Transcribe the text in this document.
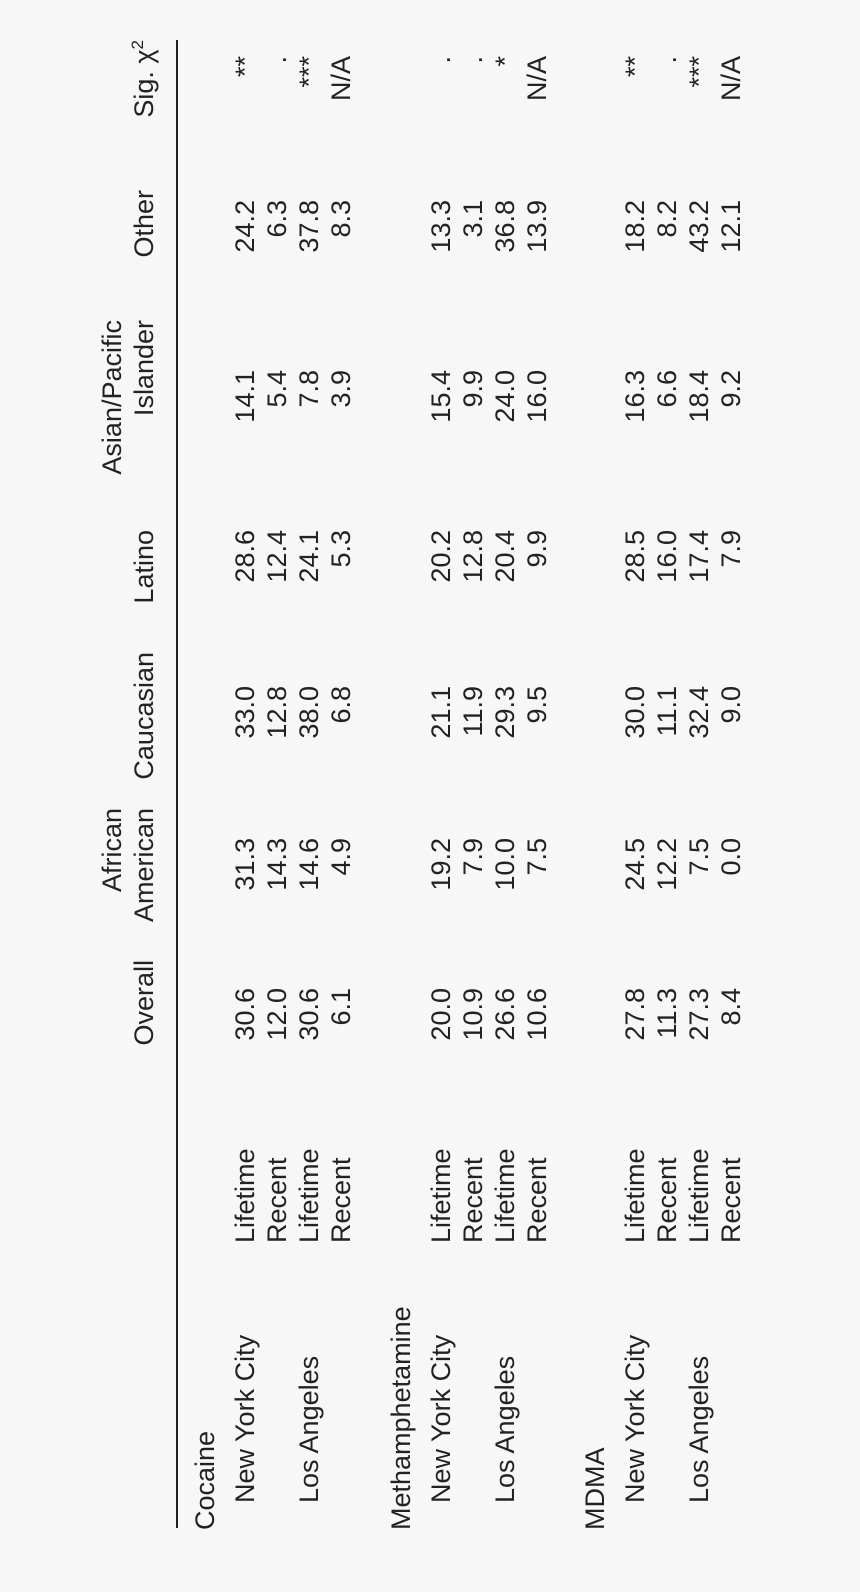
Overall
African American
Caucasian
Latino
Asian/Pacific Islander
Other
Sig. $\chi^2$
Cocaine New York City
Lifetime
30.6
31.3
33.0
28.6
14.1
24.2
**
Recent
12.0
14.3
12.8
12.4
5.4
6.3
.
Los Angeles
Lifetime
30.6
14.6
38.0
24.1
7.8
37.8
***
Recent
6.1
4.9
6.8
5.3
3.9
8.3
N/A
Methamphetamine New York City
Lifetime
20.0
19.2
21.1
20.2
15.4
13.3
.
Recent
10.9
7.9
11.9
12.8
9.9
3.1
.
Los Angeles
Lifetime
26.6
10.0
29.3
20.4
24.0
36.8
*
Recent
10.6
7.5
9.5
9.9
16.0
13.9
N/A
MDMA New York City
Lifetime
27.8
24.5
30.0
28.5
16.3
18.2
**
Recent
11.3
12.2
11.1
16.0
6.6
8.2
.
Los Angeles
Lifetime
27.3
7.5
32.4
17.4
18.4
43.2
***
Recent
8.4
0.0
9.0
7.9
9.2
12.1
N/A
